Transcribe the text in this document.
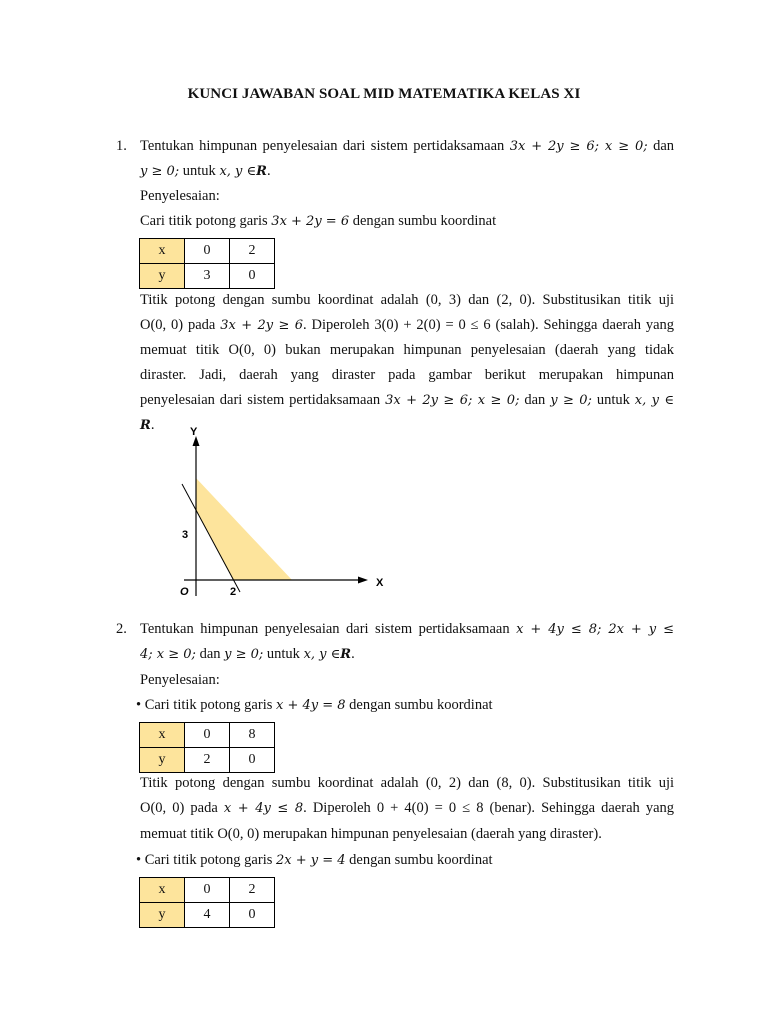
KUNCI JAWABAN SOAL MID MATEMATIKA KELAS XI
1. Tentukan himpunan penyelesaian dari sistem pertidaksamaan 3x + 2y ≥ 6; x ≥ 0; dan
y ≥ 0; untuk x, y ∈R.
Penyelesaian:
Cari titik potong garis 3x + 2y = 6 dengan sumbu koordinat
x	0	2
y	3	0
Titik potong dengan sumbu koordinat adalah (0, 3) dan (2, 0). Substitusikan titik uji
O(0, 0) pada 3x + 2y ≥ 6. Diperoleh 3(0) + 2(0) = 0 ≤ 6 (salah). Sehingga daerah yang
memuat titik O(0, 0) bukan merupakan himpunan penyelesaian (daerah yang tidak
diraster. Jadi, daerah yang diraster pada gambar berikut merupakan himpunan
penyelesaian dari sistem pertidaksamaan 3x + 2y ≥ 6; x ≥ 0; dan y ≥ 0; untuk x, y ∈
R.	Y
X
3
O	2
2. Tentukan himpunan penyelesaian dari sistem pertidaksamaan x + 4y ≤ 8; 2x + y ≤
4; x ≥ 0; dan y ≥ 0; untuk x, y ∈R.
Penyelesaian:
• Cari titik potong garis x + 4y = 8 dengan sumbu koordinat
x	0	8
y	2	0
Titik potong dengan sumbu koordinat adalah (0, 2) dan (8, 0). Substitusikan titik uji
O(0, 0) pada x + 4y ≤ 8. Diperoleh 0 + 4(0) = 0 ≤ 8 (benar). Sehingga daerah yang
memuat titik O(0, 0) merupakan himpunan penyelesaian (daerah yang diraster).
• Cari titik potong garis 2x + y = 4 dengan sumbu koordinat
x	0	2
y	4	0
